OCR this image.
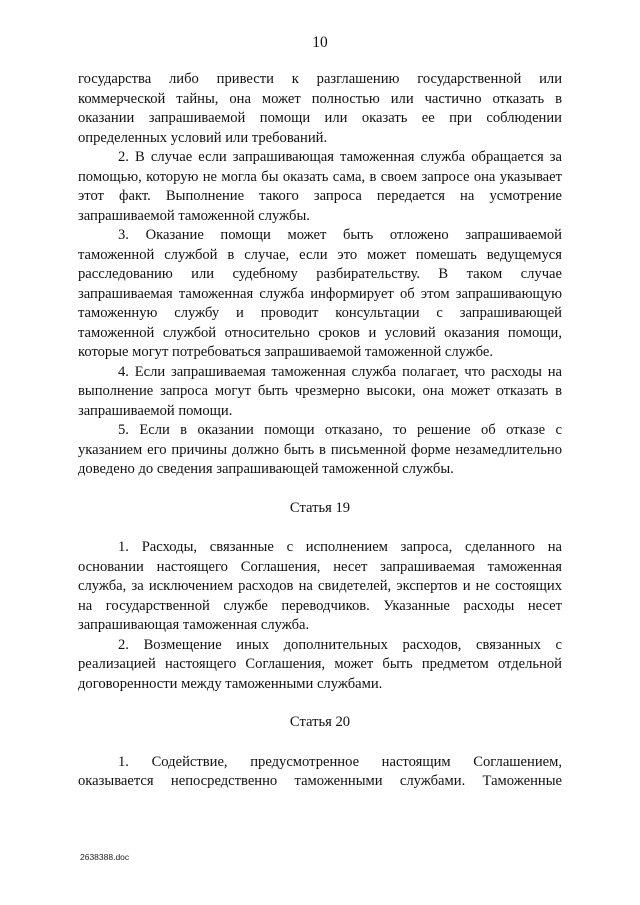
10

государства либо привести к разглашению государственной или коммерческой тайны, она может полностью или частично отказать в оказании запрашиваемой помощи или оказать ее при соблюдении определенных условий или требований.

2. В случае если запрашивающая таможенная служба обращается за помощью, которую не могла бы оказать сама, в своем запросе она указывает этот факт. Выполнение такого запроса передается на усмотрение запрашиваемой таможенной службы.

3. Оказание помощи может быть отложено запрашиваемой таможенной службой в случае, если это может помешать ведущемуся расследованию или судебному разбирательству. В таком случае запрашиваемая таможенная служба информирует об этом запрашивающую таможенную службу и проводит консультации с запрашивающей таможенной службой относительно сроков и условий оказания помощи, которые могут потребоваться запрашиваемой таможенной службе.

4. Если запрашиваемая таможенная служба полагает, что расходы на выполнение запроса могут быть чрезмерно высоки, она может отказать в запрашиваемой помощи.

5. Если в оказании помощи отказано, то решение об отказе с указанием его причины должно быть в письменной форме незамедлительно доведено до сведения запрашивающей таможенной службы.

Статья 19

1. Расходы, связанные с исполнением запроса, сделанного на основании настоящего Соглашения, несет запрашиваемая таможенная служба, за исключением расходов на свидетелей, экспертов и не состоящих на государственной службе переводчиков. Указанные расходы несет запрашивающая таможенная служба.

2. Возмещение иных дополнительных расходов, связанных с реализацией настоящего Соглашения, может быть предметом отдельной договоренности между таможенными службами.

Статья 20

1. Содействие, предусмотренное настоящим Соглашением, оказывается непосредственно таможенными службами. Таможенные

2638388.doc
